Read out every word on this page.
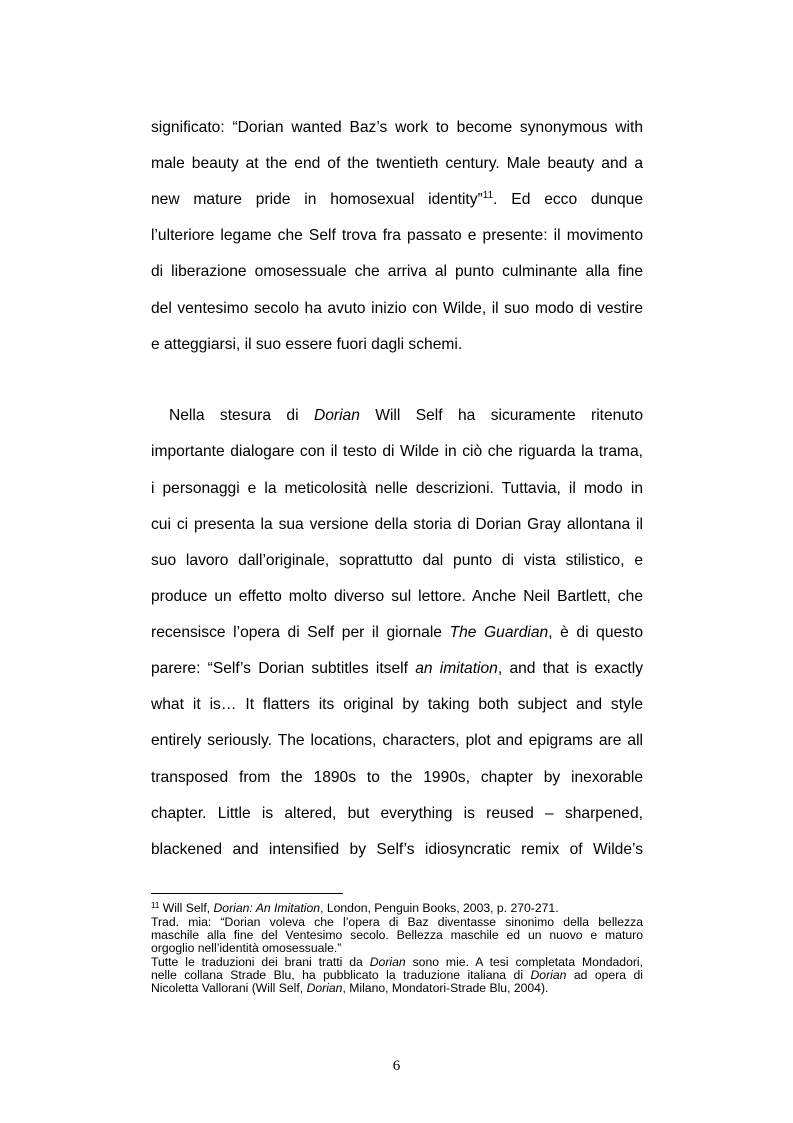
significato: “Dorian wanted Baz’s work to become synonymous with
male beauty at the end of the twentieth century. Male beauty and a
new mature pride in homosexual identity”$^{11}$. Ed ecco dunque
l’ulteriore legame che Self trova fra passato e presente: il movimento
di liberazione omosessuale che arriva al punto culminante alla fine
del ventesimo secolo ha avuto inizio con Wilde, il suo modo di vestire
e atteggiarsi, il suo essere fuori dagli schemi.
Nella stesura di Dorian Will Self ha sicuramente ritenuto
importante dialogare con il testo di Wilde in ciò che riguarda la trama,
i personaggi e la meticolosità nelle descrizioni. Tuttavia, il modo in
cui ci presenta la sua versione della storia di Dorian Gray allontana il
suo lavoro dall’originale, soprattutto dal punto di vista stilistico, e
produce un effetto molto diverso sul lettore. Anche Neil Bartlett, che
recensisce l’opera di Self per il giornale The Guardian, è di questo
parere: “Self’s Dorian subtitles itself an imitation, and that is exactly
what it is… It flatters its original by taking both subject and style
entirely seriously. The locations, characters, plot and epigrams are all
transposed from the 1890s to the 1990s, chapter by inexorable
chapter. Little is altered, but everything is reused – sharpened,
blackened and intensified by Self’s idiosyncratic remix of Wilde’s
$^{11}$ Will Self, Dorian: An Imitation, London, Penguin Books, 2003, p. 270-271.
Trad. mia: “Dorian voleva che l’opera di Baz diventasse sinonimo della bellezza
maschile alla fine del Ventesimo secolo. Bellezza maschile ed un nuovo e maturo
orgoglio nell’identità omosessuale.”
Tutte le traduzioni dei brani tratti da Dorian sono mie. A tesi completata Mondadori,
nelle collana Strade Blu, ha pubblicato la traduzione italiana di Dorian ad opera di
Nicoletta Vallorani (Will Self, Dorian, Milano, Mondatori-Strade Blu, 2004).
6
